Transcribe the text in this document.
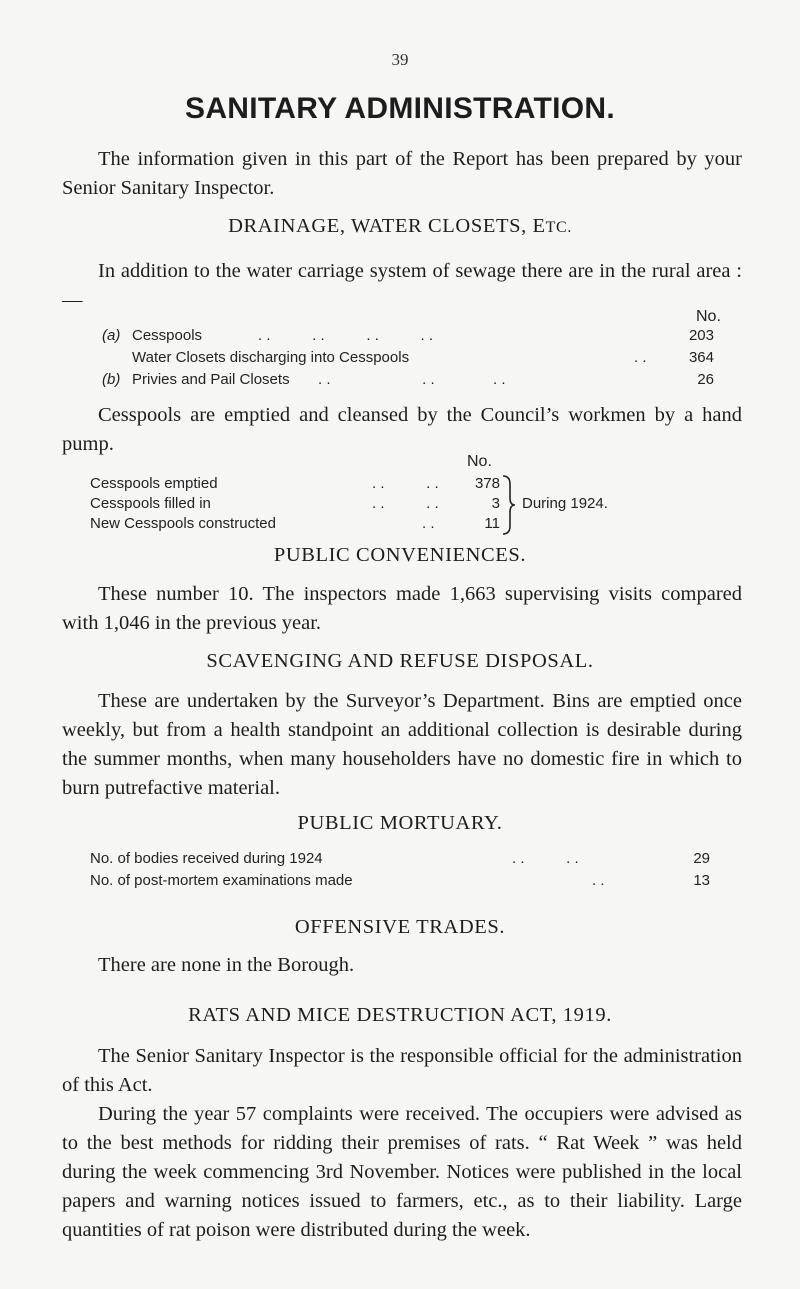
39
SANITARY ADMINISTRATION.

The information given in this part of the Report has been prepared by your Senior Sanitary Inspector.

DRAINAGE, WATER CLOSETS, ETC.

In addition to the water carriage system of sewage there are in the rural area :—

No.
(a) Cesspools	. .          . .          . .          . .	203
Water Closets discharging into Cesspools	. .	364
(b) Privies and Pail Closets . .                      . .              . .	26

Cesspools are emptied and cleansed by the Council’s workmen by a hand pump.

No.
Cesspools emptied	. .          . .	378
Cesspools filled in	. .          . .	3
New Cesspools constructed	. .	11
During 1924.
PUBLIC CONVENIENCES.

These number 10. The inspectors made 1,663 supervising visits compared with 1,046 in the previous year.

SCAVENGING AND REFUSE DISPOSAL.

These are undertaken by the Surveyor’s Department. Bins are emptied once weekly, but from a health standpoint an additional collection is desirable during the summer months, when many householders have no domestic fire in which to burn putrefactive material.

PUBLIC MORTUARY.
No. of bodies received during 1924	. .          . .	29
No. of post-mortem examinations made	. .	13
OFFENSIVE TRADES.

There are none in the Borough.

RATS AND MICE DESTRUCTION ACT, 1919.

The Senior Sanitary Inspector is the responsible official for the administration of this Act.

During the year 57 complaints were received. The occupiers were advised as to the best methods for ridding their premises of rats. “ Rat Week ” was held during the week commencing 3rd November. Notices were published in the local papers and warning notices issued to farmers, etc., as to their liability. Large quantities of rat poison were distributed during the week.
